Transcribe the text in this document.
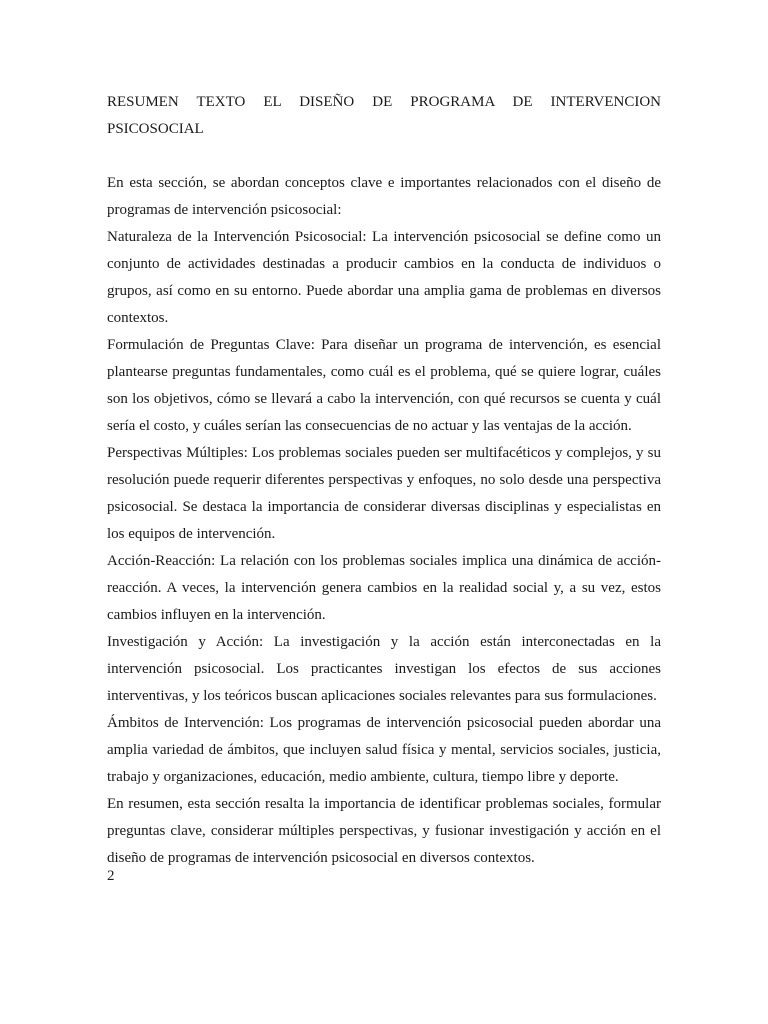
RESUMEN TEXTO EL DISEÑO DE PROGRAMA DE INTERVENCION PSICOSOCIAL

En esta sección, se abordan conceptos clave e importantes relacionados con el diseño de programas de intervención psicosocial:

Naturaleza de la Intervención Psicosocial: La intervención psicosocial se define como un conjunto de actividades destinadas a producir cambios en la conducta de individuos o grupos, así como en su entorno. Puede abordar una amplia gama de problemas en diversos contextos.

Formulación de Preguntas Clave: Para diseñar un programa de intervención, es esencial plantearse preguntas fundamentales, como cuál es el problema, qué se quiere lograr, cuáles son los objetivos, cómo se llevará a cabo la intervención, con qué recursos se cuenta y cuál sería el costo, y cuáles serían las consecuencias de no actuar y las ventajas de la acción.

Perspectivas Múltiples: Los problemas sociales pueden ser multifacéticos y complejos, y su resolución puede requerir diferentes perspectivas y enfoques, no solo desde una perspectiva psicosocial. Se destaca la importancia de considerar diversas disciplinas y especialistas en los equipos de intervención.

Acción-Reacción: La relación con los problemas sociales implica una dinámica de acción-reacción. A veces, la intervención genera cambios en la realidad social y, a su vez, estos cambios influyen en la intervención.

Investigación y Acción: La investigación y la acción están interconectadas en la intervención psicosocial. Los practicantes investigan los efectos de sus acciones interventivas, y los teóricos buscan aplicaciones sociales relevantes para sus formulaciones.

Ámbitos de Intervención: Los programas de intervención psicosocial pueden abordar una amplia variedad de ámbitos, que incluyen salud física y mental, servicios sociales, justicia, trabajo y organizaciones, educación, medio ambiente, cultura, tiempo libre y deporte.

En resumen, esta sección resalta la importancia de identificar problemas sociales, formular preguntas clave, considerar múltiples perspectivas, y fusionar investigación y acción en el diseño de programas de intervención psicosocial en diversos contextos.

2
